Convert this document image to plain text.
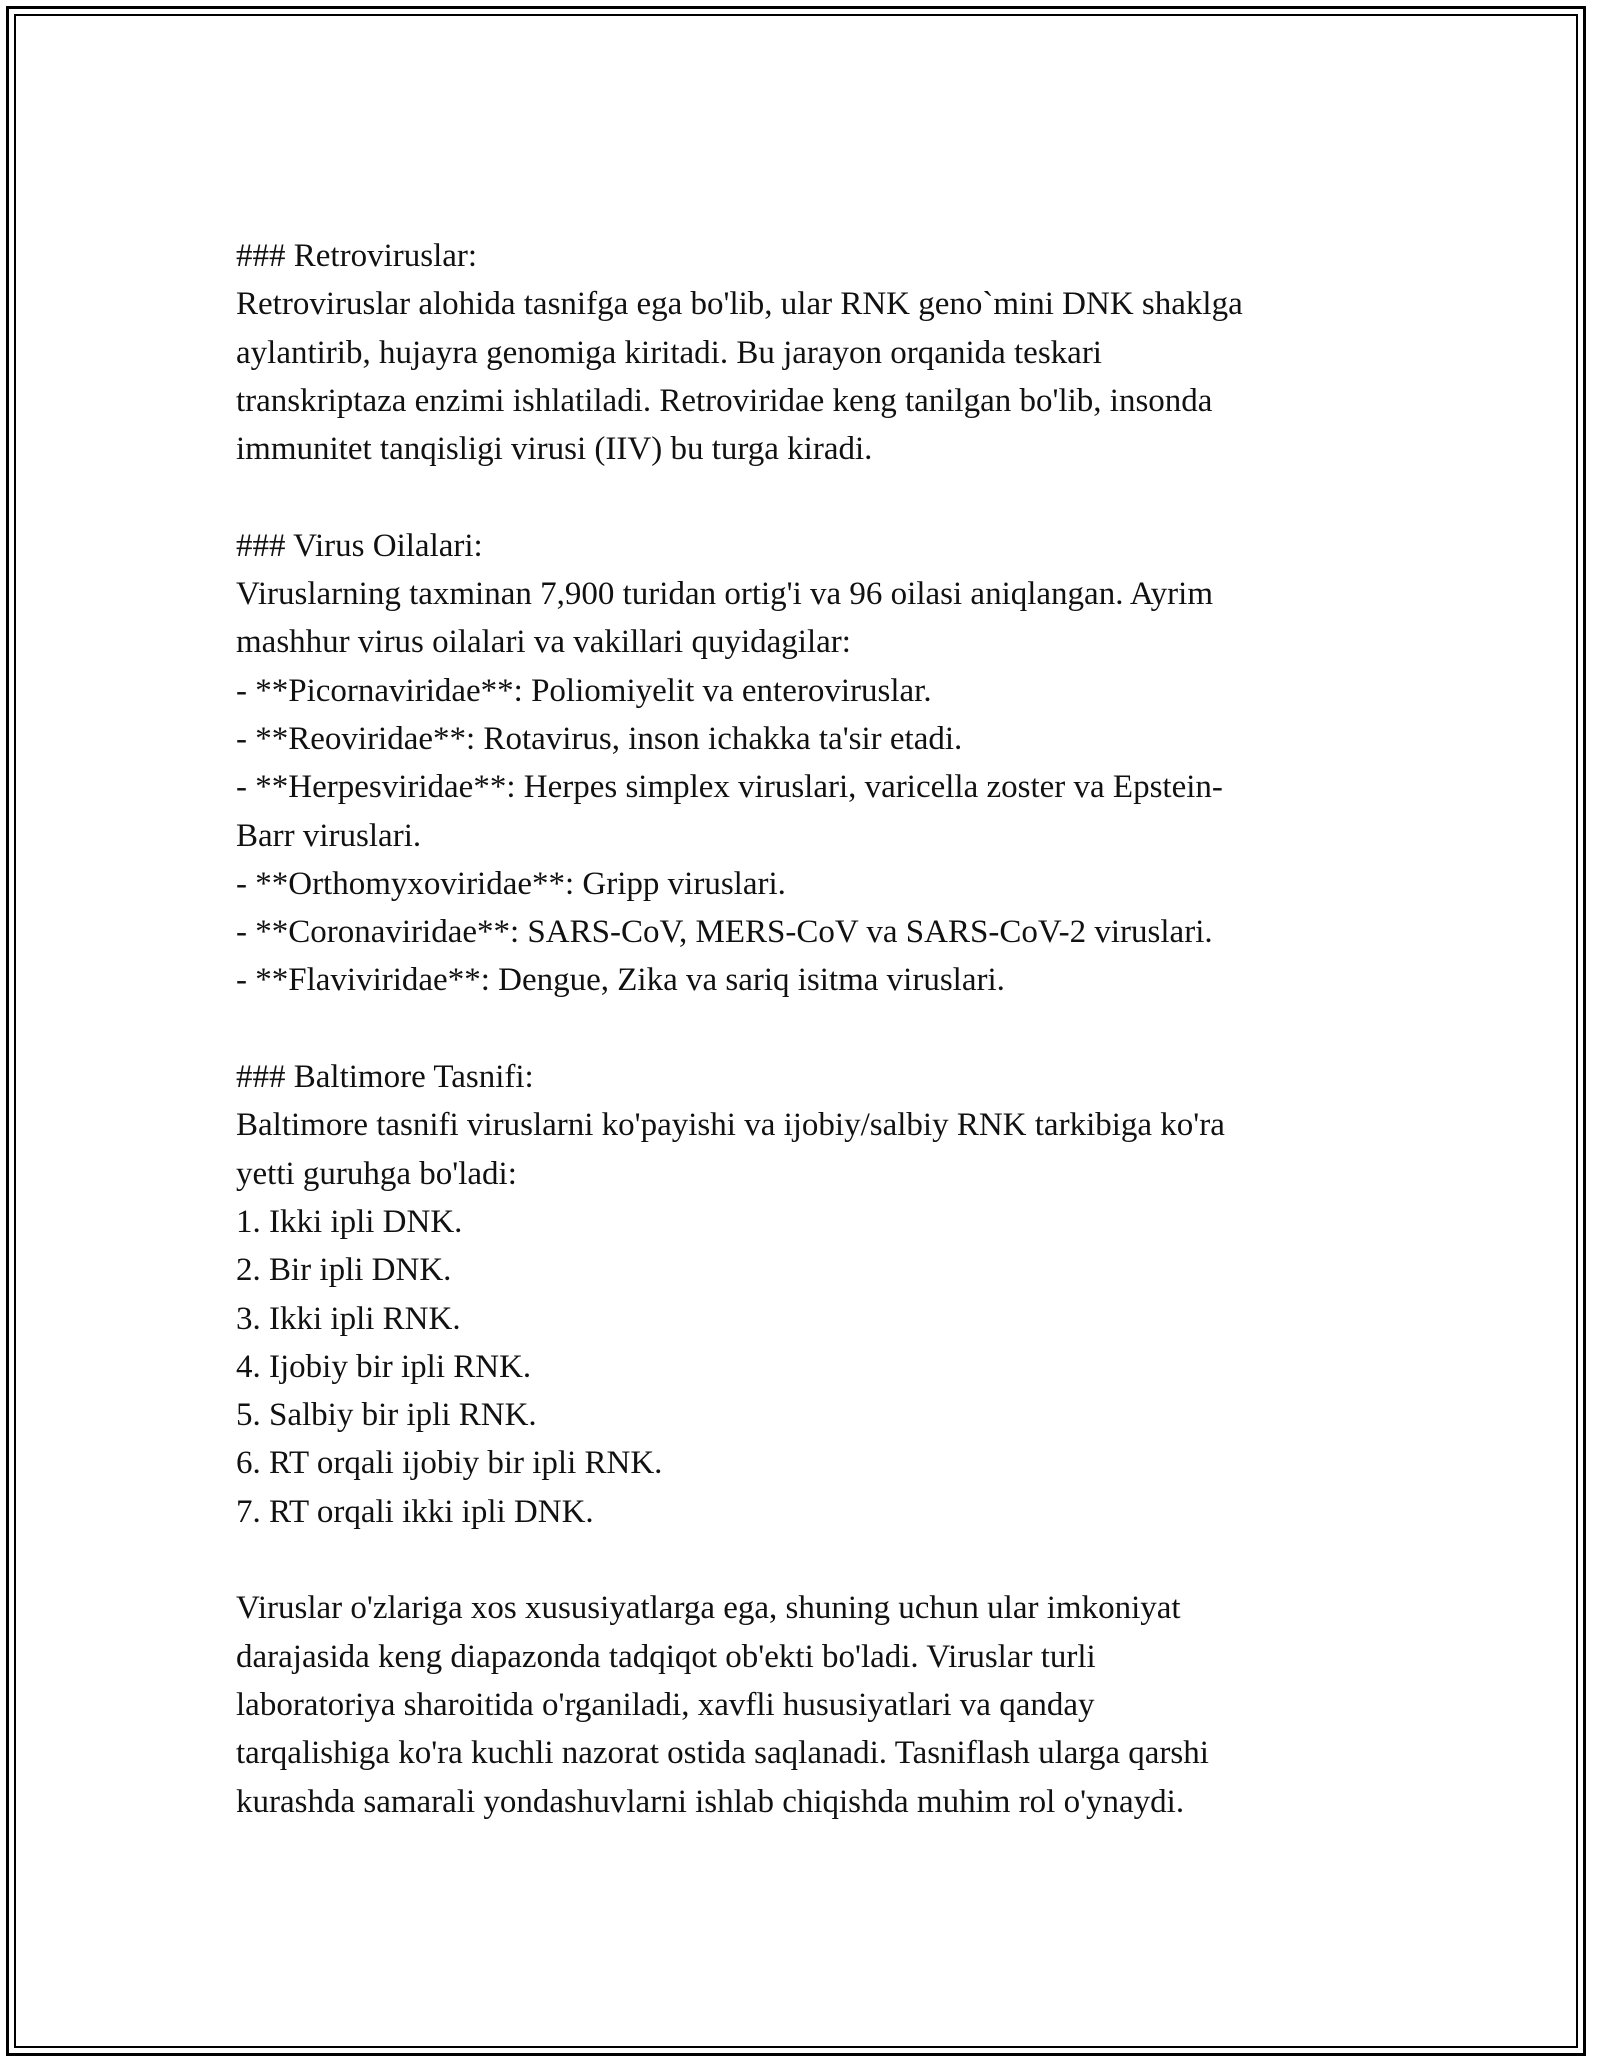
### Retroviruslar:
Retroviruslar alohida tasnifga ega bo'lib, ular RNK geno`mini DNK shaklga
aylantirib, hujayra genomiga kiritadi. Bu jarayon orqanida teskari
transkriptaza enzimi ishlatiladi. Retroviridae keng tanilgan bo'lib, insonda
immunitet tanqisligi virusi (IIV) bu turga kiradi.
### Virus Oilalari:
Viruslarning taxminan 7,900 turidan ortig'i va 96 oilasi aniqlangan. Ayrim
mashhur virus oilalari va vakillari quyidagilar:
- **Picornaviridae**: Poliomiyelit va enteroviruslar.
- **Reoviridae**: Rotavirus, inson ichakka ta'sir etadi.
- **Herpesviridae**: Herpes simplex viruslari, varicella zoster va Epstein-
Barr viruslari.
- **Orthomyxoviridae**: Gripp viruslari.
- **Coronaviridae**: SARS-CoV, MERS-CoV va SARS-CoV-2 viruslari.
- **Flaviviridae**: Dengue, Zika va sariq isitma viruslari.
### Baltimore Tasnifi:
Baltimore tasnifi viruslarni ko'payishi va ijobiy/salbiy RNK tarkibiga ko'ra
yetti guruhga bo'ladi:
1. Ikki ipli DNK.
2. Bir ipli DNK.
3. Ikki ipli RNK.
4. Ijobiy bir ipli RNK.
5. Salbiy bir ipli RNK.
6. RT orqali ijobiy bir ipli RNK.
7. RT orqali ikki ipli DNK.
Viruslar o'zlariga xos xususiyatlarga ega, shuning uchun ular imkoniyat
darajasida keng diapazonda tadqiqot ob'ekti bo'ladi. Viruslar turli
laboratoriya sharoitida o'rganiladi, xavfli hususiyatlari va qanday
tarqalishiga ko'ra kuchli nazorat ostida saqlanadi. Tasniflash ularga qarshi
kurashda samarali yondashuvlarni ishlab chiqishda muhim rol o'ynaydi.
